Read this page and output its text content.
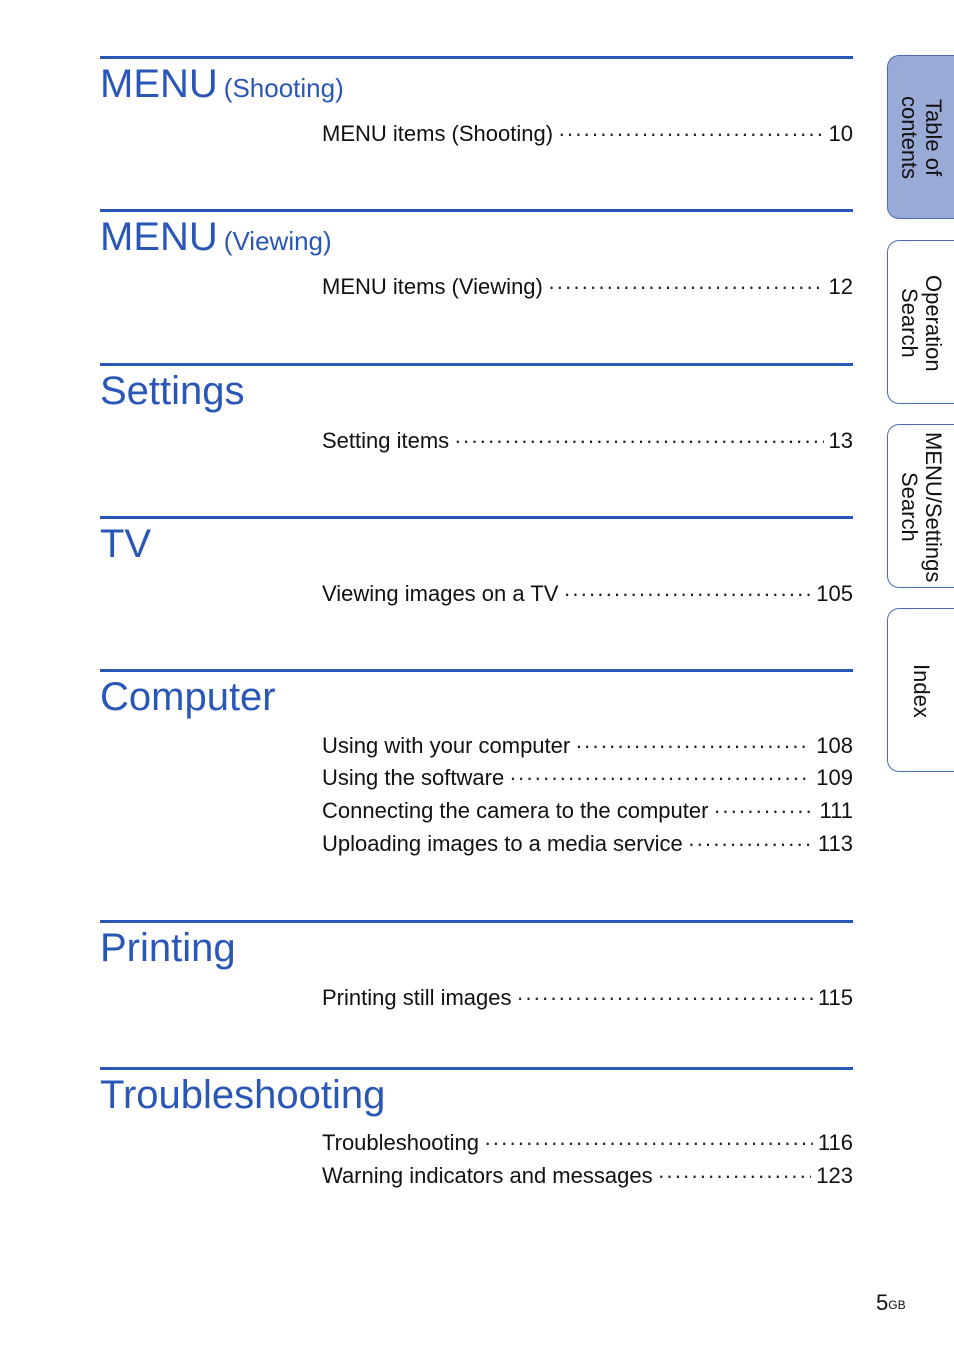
MENU (Shooting)
MENU items (Shooting) ·····	10
MENU (Viewing)
MENU items (Viewing) ·····	12
Settings
Setting items ·····	13
TV
Viewing images on a TV ·····	105
Computer
Using with your computer ·····	108
Using the software ·····	109
Connecting the camera to the computer ·····	111
Uploading images to a media service ·····	113
Printing
Printing still images ·····	115
Troubleshooting
Troubleshooting ·····	116
Warning indicators and messages ·····	123
Table of contents
Operation Search
MENU/Settings Search
Index
$5^{GB}$
